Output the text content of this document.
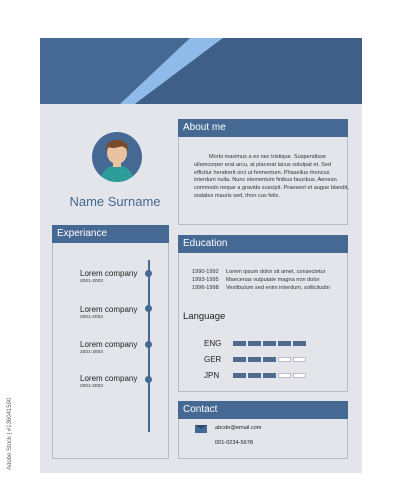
Name Surname
About me
Morbi maximus a ex nec tristique. Suspendisse
ullamcorper erat arcu, at placerat lacus volutpat et. Sed efficitur hendrerit orci ut fermentum. Phasellus rhoncus interdum nulla. Nunc elementum finibus faucibus. Aenean commodo neque a gravida suscipit. Praesent et augue blandit, sodales mauris sed, rhon cus felis.
Experiance
Lorem company
2001-2003
Lorem company
2001-2003
Lorem company
2001-2003
Lorem company
2001-2003
Education
1990-1992 Lorem ipsum dolor sit amet, consectetur
1993-1995 Maecenas vulputate magna non dolor
1996-1998 Vestibulum sed enim interdum, sollicitudin
Language
ENG
GER
JPN
Contact
abcde@email.com
001-0234-5678
Adobe Stock | #136041590
